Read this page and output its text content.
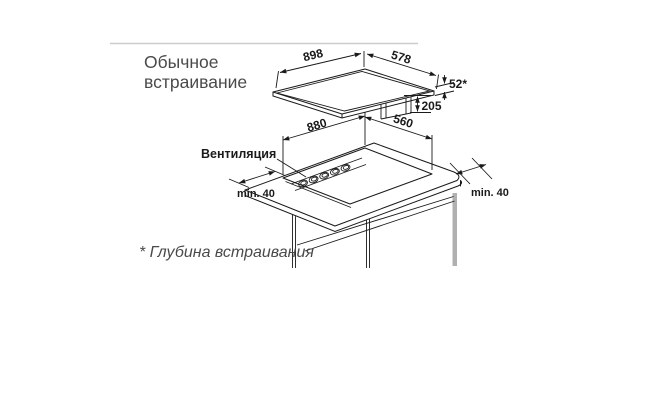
Обычное
встраивание
898	578
52*
205
880	560
Вентиляция
min. 40	min. 40
* Глубина встраивания
